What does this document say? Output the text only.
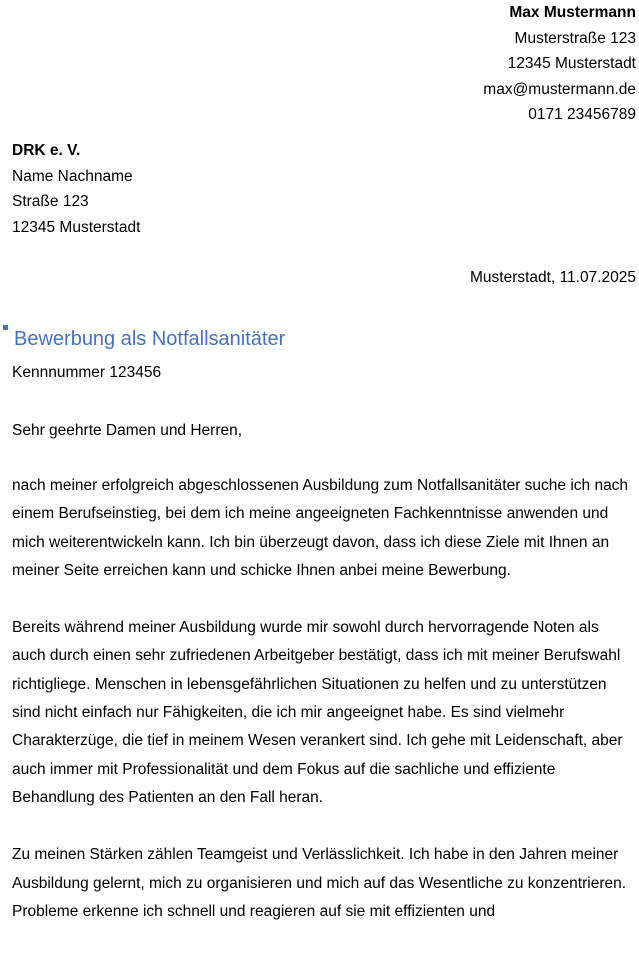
Max Mustermann
Musterstraße 123
12345 Musterstadt
max@mustermann.de
0171 23456789
DRK e. V.
Name Nachname
Straße 123
12345 Musterstadt
Musterstadt, 11.07.2025
Bewerbung als Notfallsanitäter
Kennnummer 123456
Sehr geehrte Damen und Herren,

nach meiner erfolgreich abgeschlossenen Ausbildung zum Notfallsanitäter suche ich nach einem Berufseinstieg, bei dem ich meine angeeigneten Fachkenntnisse anwenden und mich weiterentwickeln kann. Ich bin überzeugt davon, dass ich diese Ziele mit Ihnen an meiner Seite erreichen kann und schicke Ihnen anbei meine Bewerbung.

Bereits während meiner Ausbildung wurde mir sowohl durch hervorragende Noten als auch durch einen sehr zufriedenen Arbeitgeber bestätigt, dass ich mit meiner Berufswahl richtigliege. Menschen in lebensgefährlichen Situationen zu helfen und zu unterstützen sind nicht einfach nur Fähigkeiten, die ich mir angeeignet habe. Es sind vielmehr Charakterzüge, die tief in meinem Wesen verankert sind. Ich gehe mit Leidenschaft, aber auch immer mit Professionalität und dem Fokus auf die sachliche und effiziente Behandlung des Patienten an den Fall heran.

Zu meinen Stärken zählen Teamgeist und Verlässlichkeit. Ich habe in den Jahren meiner Ausbildung gelernt, mich zu organisieren und mich auf das Wesentliche zu konzentrieren. Probleme erkenne ich schnell und reagieren auf sie mit effizienten und
